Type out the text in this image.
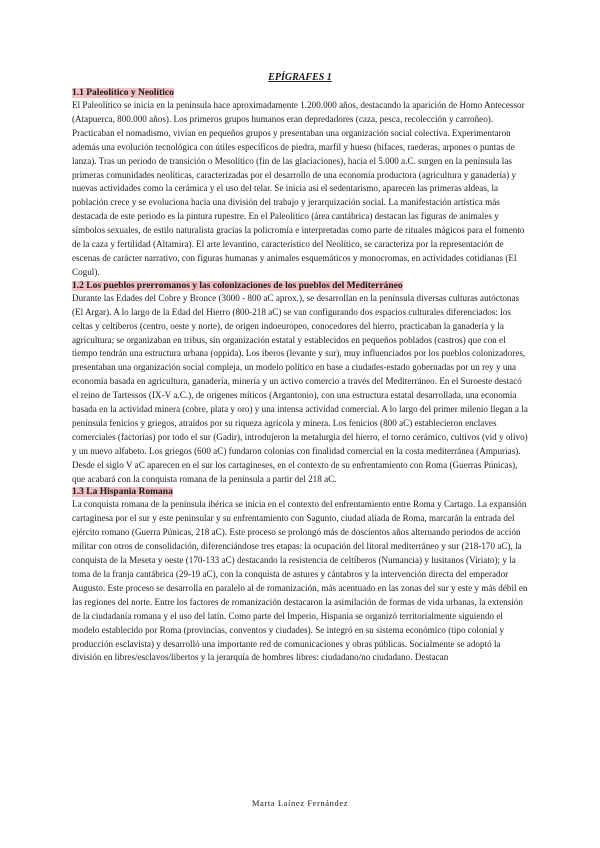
EPÍGRAFES 1

1.1 Paleolítico y Neolítico

El Paleolítico se inicia en la península hace aproximadamente 1.200.000 años, destacando la aparición de Homo Antecessor (Atapuerca, 800.000 años). Los primeros grupos humanos eran depredadores (caza, pesca, recolección y carroñeo). Practicaban el nomadismo, vivían en pequeños grupos y presentaban una organización social colectiva. Experimentaron además una evolución tecnológica con útiles específicos de piedra, marfil y hueso (bifaces, raederas, arpones o puntas de lanza). Tras un periodo de transición o Mesolítico (fin de las glaciaciones), hacia el 5.000 a.C. surgen en la península las primeras comunidades neolíticas, caracterizadas por el desarrollo de una economía productora (agricultura y ganadería) y nuevas actividades como la cerámica y el uso del telar. Se inicia así el sedentarismo, aparecen las primeras aldeas, la población crece y se evoluciona hacia una división del trabajo y jerarquización social. La manifestación artística más destacada de este periodo es la pintura rupestre. En el Paleolítico (área cantábrica) destacan las figuras de animales y símbolos sexuales, de estilo naturalista gracias la policromía e interpretadas como parte de rituales mágicos para el fomento de la caza y fertilidad (Altamira). El arte levantino, característico del Neolítico, se caracteriza por la representación de escenas de carácter narrativo, con figuras humanas y animales esquemáticos y monocromas, en actividades cotidianas (El Cogul).

1.2 Los pueblos prerromanos y las colonizaciones de los pueblos del Mediterráneo

Durante las Edades del Cobre y Bronce (3000 - 800 aC aprox.), se desarrollan en la península diversas culturas autóctonas (El Argar). A lo largo de la Edad del Hierro (800-218 aC) se van configurando dos espacios culturales diferenciados: los celtas y celtíberos (centro, oeste y norte), de origen indoeuropeo, conocedores del hierro, practicaban la ganadería y la agricultura; se organizaban en tribus, sin organización estatal y establecidos en pequeños poblados (castros) que con el tiempo tendrán una estructura urbana (oppida). Los íberos (levante y sur), muy influenciados por los pueblos colonizadores, presentaban una organización social compleja, un modelo político en base a ciudades-estado gobernadas por un rey y una economía basada en agricultura, ganadería, minería y un activo comercio a través del Mediterráneo. En el Suroeste destacó el reino de Tartessos (IX-V a.C.), de orígenes míticos (Argantonio), con una estructura estatal desarrollada, una economía basada en la actividad minera (cobre, plata y oro) y una intensa actividad comercial. A lo largo del primer milenio llegan a la península fenicios y griegos, atraídos por su riqueza agrícola y minera. Los fenicios (800 aC) establecieron enclaves comerciales (factorías) por todo el sur (Gadir), introdujeron la metalurgia del hierro, el torno cerámico, cultivos (vid y olivo) y un nuevo alfabeto. Los griegos (600 aC) fundaron colonias con finalidad comercial en la costa mediterránea (Ampurias). Desde el siglo V aC aparecen en el sur los cartagineses, en el contexto de su enfrentamiento con Roma (Guerras Púnicas), que acabará con la conquista romana de la península a partir del 218 aC.

1.3 La Hispania Romana

La conquista romana de la península ibérica se inicia en el contexto del enfrentamiento entre Roma y Cartago. La expansión cartaginesa por el sur y este peninsular y su enfrentamiento con Sagunto, ciudad aliada de Roma, marcarán la entrada del ejército romano (Guerra Púnicas, 218 aC). Este proceso se prolongó más de doscientos años alternando periodos de acción militar con otros de consolidación, diferenciándose tres etapas: la ocupación del litoral mediterráneo y sur (218-170 aC), la conquista de la Meseta y oeste (170-133 aC) destacando la resistencia de celtíberos (Numancia) y lusitanos (Viriato); y la toma de la franja cantábrica (29-19 aC), con la conquista de astures y cántabros y la intervención directa del emperador Augusto. Este proceso se desarrolla en paralelo al de romanización, más acentuado en las zonas del sur y este y más débil en las regiones del norte. Entre los factores de romanización destacaron la asimilación de formas de vida urbanas, la extensión de la ciudadanía romana y el uso del latín. Como parte del Imperio, Hispania se organizó territorialmente siguiendo el modelo establecido por Roma (provincias, conventos y ciudades). Se integró en su sistema económico (tipo colonial y producción esclavista) y desarrolló una importante red de comunicaciones y obras públicas. Socialmente se adoptó la división en libres/esclavos/libertos y la jerarquía de hombres libres: ciudadano/no ciudadano. Destacan

Marta Laínez Fernández
